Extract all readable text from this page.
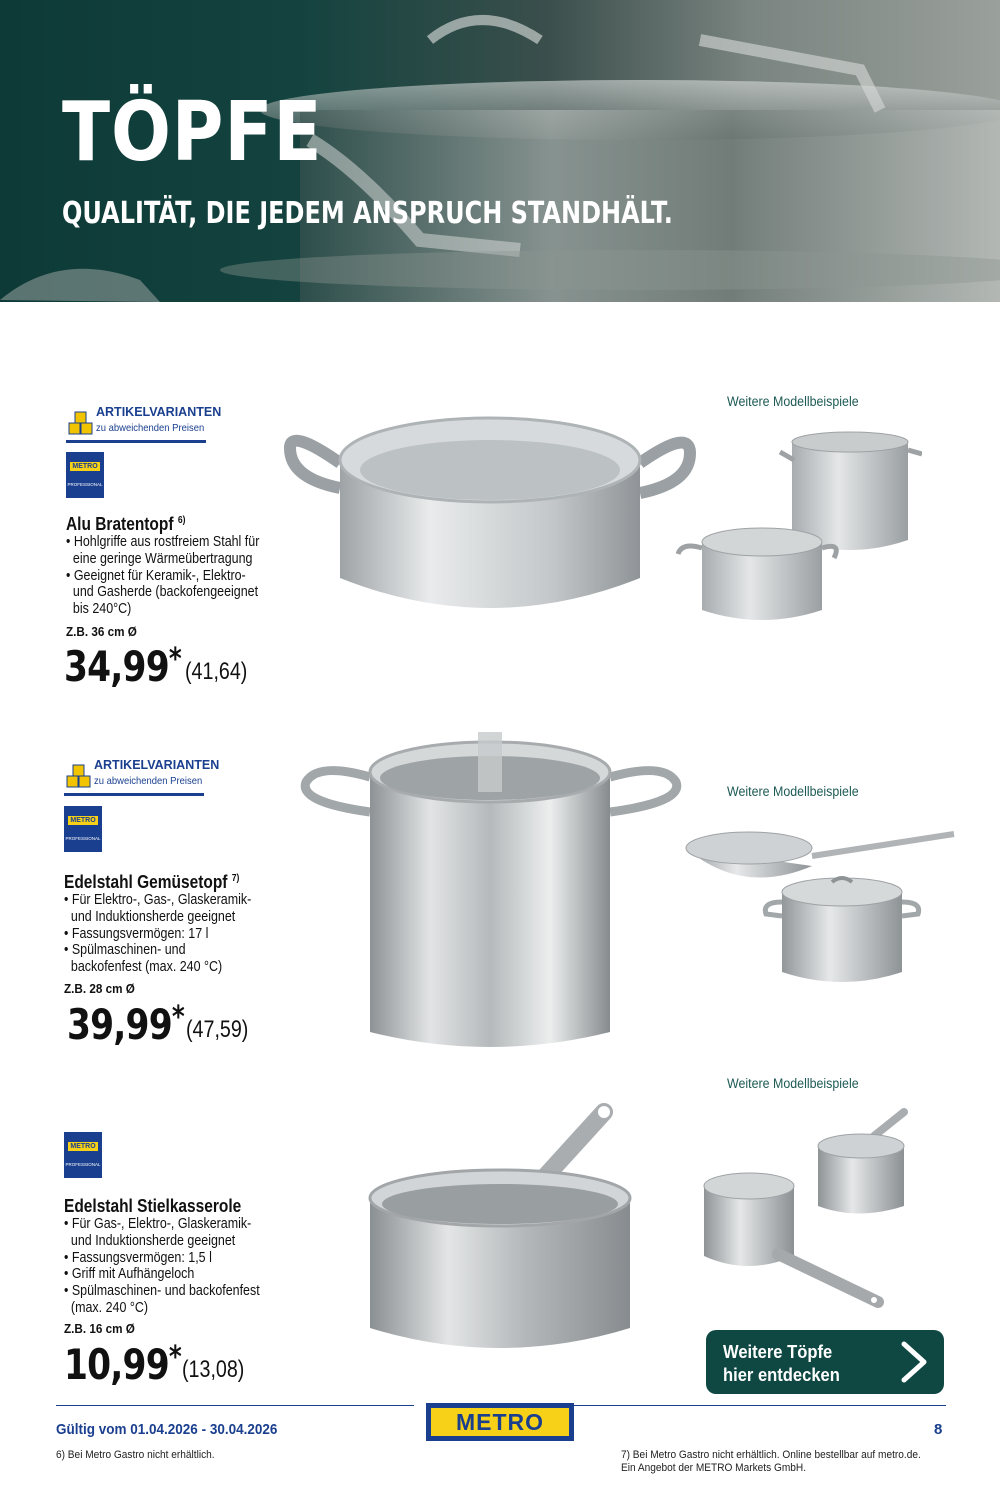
TÖPFE
QUALITÄT, DIE JEDEM ANSPRUCH STANDHÄLT.
ARTIKELVARIANTEN
zu abweichenden Preisen
METRO
PROFESSIONAL
Alu Bratentopf $^{6)}$
• Hohlgriffe aus rostfreiem Stahl für
eine geringe Wärmeübertragung
• Geeignet für Keramik-, Elektro-
und Gasherde (backofengeeignet
bis 240°C)
Z.B. 36 cm Ø
34,99* (41,64)
Weitere Modellbeispiele
ARTIKELVARIANTEN
zu abweichenden Preisen
METRO
PROFESSIONAL
Edelstahl Gemüsetopf $^{7)}$
• Für Elektro-, Gas-, Glaskeramik-
und Induktionsherde geeignet
• Fassungsvermögen: 17 l
• Spülmaschinen- und
backofenfest (max. 240 °C)
Z.B. 28 cm Ø
39,99* (47,59)
Weitere Modellbeispiele
METRO
PROFESSIONAL
Edelstahl Stielkasserole
• Für Gas-, Elektro-, Glaskeramik-
und Induktionsherde geeignet
• Fassungsvermögen: 1,5 l
• Griff mit Aufhängeloch
• Spülmaschinen- und backofenfest
(max. 240 °C)
Z.B. 16 cm Ø
10,99* (13,08)
Weitere Modellbeispiele
Weitere Töpfe
hier entdecken
Gültig vom 01.04.2026 - 30.04.2026	METRO	8
6) Bei Metro Gastro nicht erhältlich.	7) Bei Metro Gastro nicht erhältlich. Online bestellbar auf metro.de.
Ein Angebot der METRO Markets GmbH.
